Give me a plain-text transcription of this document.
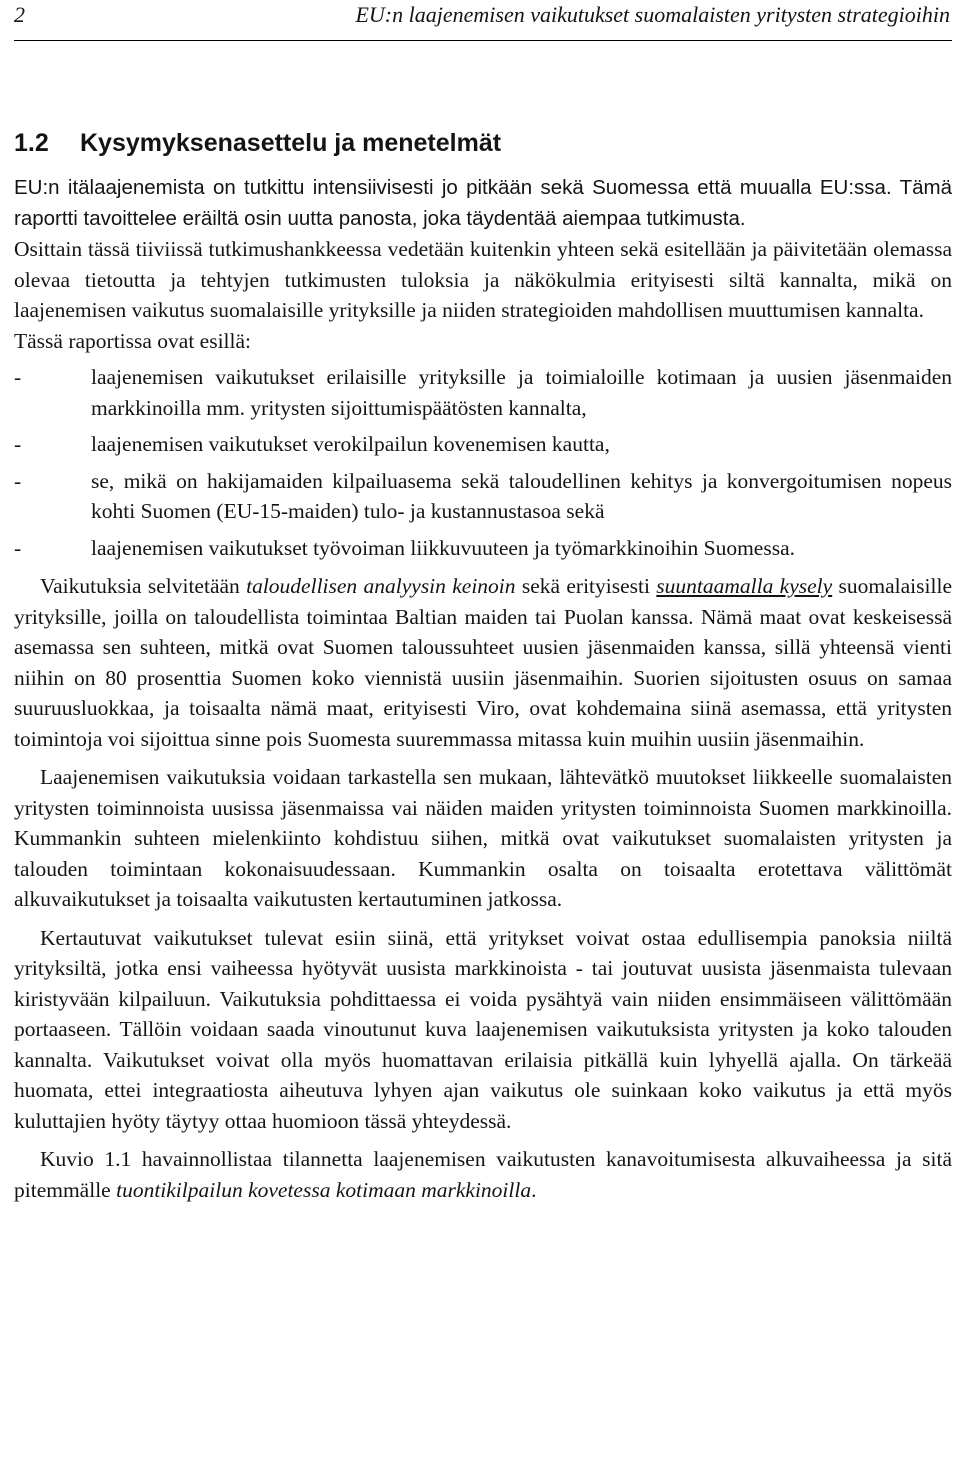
2	EU:n laajenemisen vaikutukset suomalaisten yritysten strategioihin
1.2 Kysymyksenasettelu ja menetelmät

EU:n itälaajenemista on tutkittu intensiivisesti jo pitkään sekä Suomessa että muualla EU:ssa. Tämä raportti tavoittelee eräiltä osin uutta panosta, joka täydentää aiempaa tutkimusta.

Osittain tässä tiiviissä tutkimushankkeessa vedetään kuitenkin yhteen sekä esitellään ja päivitetään olemassa olevaa tietoutta ja tehtyjen tutkimusten tuloksia ja näkökulmia erityisesti siltä kannalta, mikä on laajenemisen vaikutus suomalaisille yrityksille ja niiden strategioiden mahdollisen muuttumisen kannalta.

Tässä raportissa ovat esillä:

-	laajenemisen vaikutukset erilaisille yrityksille ja toimialoille kotimaan ja uusien jäsenmaiden markkinoilla mm. yritysten sijoittumispäätösten kannalta,
-	laajenemisen vaikutukset verokilpailun kovenemisen kautta,
-	se, mikä on hakijamaiden kilpailuasema sekä taloudellinen kehitys ja konvergoitumisen nopeus kohti Suomen (EU-15-maiden) tulo- ja kustannustasoa sekä
-	laajenemisen vaikutukset työvoiman liikkuvuuteen ja työmarkkinoihin Suomessa.

Vaikutuksia selvitetään taloudellisen analyysin keinoin sekä erityisesti suuntaamalla kysely suomalaisille yrityksille, joilla on taloudellista toimintaa Baltian maiden tai Puolan kanssa. Nämä maat ovat keskeisessä asemassa sen suhteen, mitkä ovat Suomen taloussuhteet uusien jäsenmaiden kanssa, sillä yhteensä vienti niihin on 80 prosenttia Suomen koko viennistä uusiin jäsenmaihin. Suorien sijoitusten osuus on samaa suuruusluokkaa, ja toisaalta nämä maat, erityisesti Viro, ovat kohdemaina siinä asemassa, että yritysten toimintoja voi sijoittua sinne pois Suomesta suuremmassa mitassa kuin muihin uusiin jäsenmaihin.

Laajenemisen vaikutuksia voidaan tarkastella sen mukaan, lähtevätkö muutokset liikkeelle suomalaisten yritysten toiminnoista uusissa jäsenmaissa vai näiden maiden yritysten toiminnoista Suomen markkinoilla. Kummankin suhteen mielenkiinto kohdistuu siihen, mitkä ovat vaikutukset suomalaisten yritysten ja talouden toimintaan kokonaisuudessaan. Kummankin osalta on toisaalta erotettava välittömät alkuvaikutukset ja toisaalta vaikutusten kertautuminen jatkossa.

Kertautuvat vaikutukset tulevat esiin siinä, että yritykset voivat ostaa edullisempia panoksia niiltä yrityksiltä, jotka ensi vaiheessa hyötyvät uusista markkinoista - tai joutuvat uusista jäsenmaista tulevaan kiristyvään kilpailuun. Vaikutuksia pohdittaessa ei voida pysähtyä vain niiden ensimmäiseen välittömään portaaseen. Tällöin voidaan saada vinoutunut kuva laajenemisen vaikutuksista yritysten ja koko talouden kannalta. Vaikutukset voivat olla myös huomattavan erilaisia pitkällä kuin lyhyellä ajalla. On tärkeää huomata, ettei integraatiosta aiheutuva lyhyen ajan vaikutus ole suinkaan koko vaikutus ja että myös kuluttajien hyöty täytyy ottaa huomioon tässä yhteydessä.

Kuvio 1.1 havainnollistaa tilannetta laajenemisen vaikutusten kanavoitumisesta alkuvaiheessa ja sitä pitemmälle tuontikilpailun kovetessa kotimaan markkinoilla.
